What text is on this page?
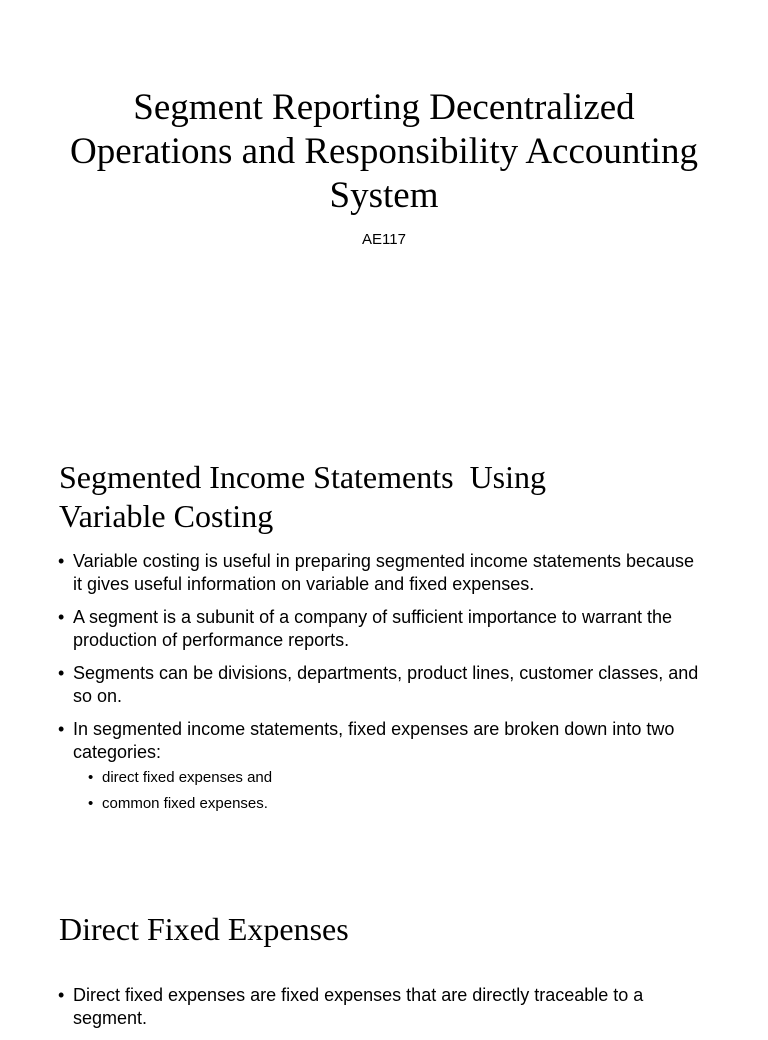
Segment Reporting Decentralized Operations and Responsibility Accounting System

AE117

Segmented Income Statements  Using
Variable Costing
• Variable costing is useful in preparing segmented income statements because it gives useful information on variable and fixed expenses.
• A segment is a subunit of a company of sufficient importance to warrant the production of performance reports.
• Segments can be divisions, departments, product lines, customer classes, and so on.
• In segmented income statements, fixed expenses are broken down into two categories:
• direct fixed expenses and
• common fixed expenses.
Direct Fixed Expenses
• Direct fixed expenses are fixed expenses that are directly traceable to a segment.
